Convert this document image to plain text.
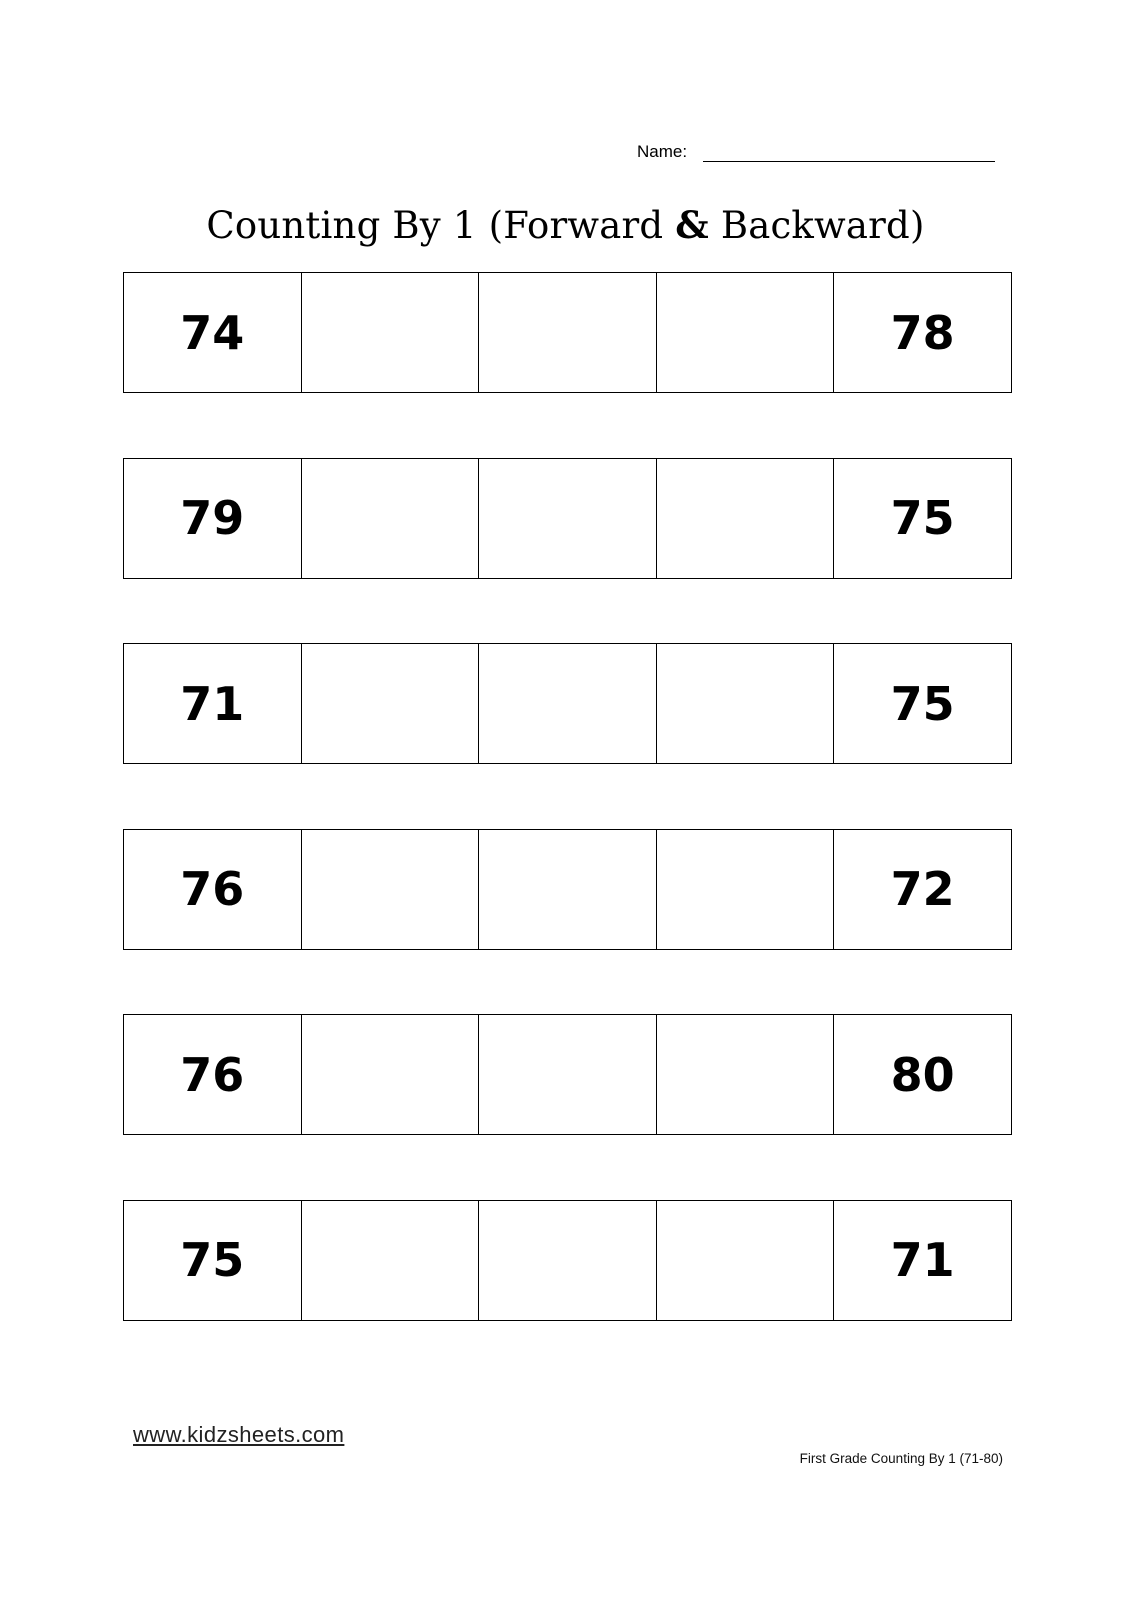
Name:
Counting By 1 (Forward & Backward)
74	78
79	75
71	75
76	72
76	80
75	71
www.kidzsheets.com
First Grade Counting By 1 (71-80)
